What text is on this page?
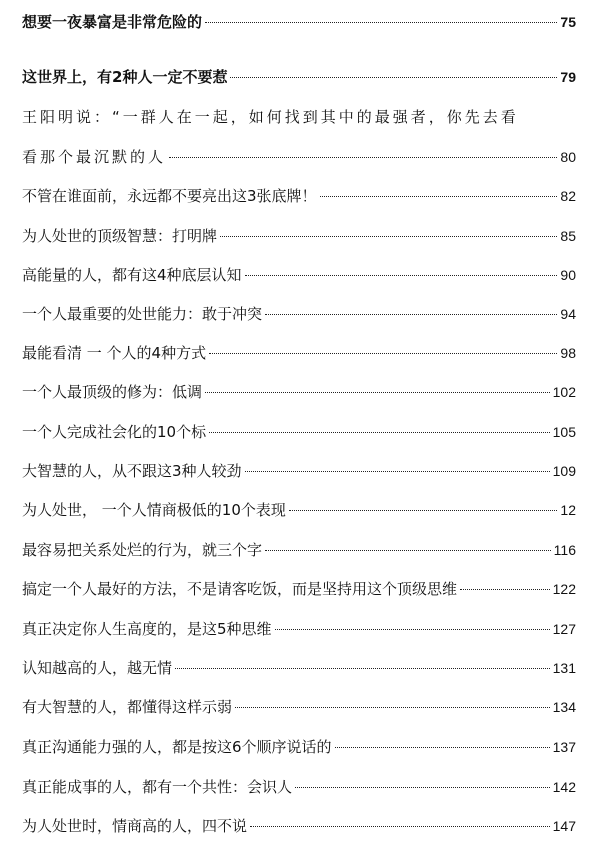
想要一夜暴富是非常危险的	75
这世界上，有2种人一定不要惹	79
王阳明说：“一群人在一起，如何找到其中的最强者，你先去看
看那个最沉默的人	80
不管在谁面前，永远都不要亮出这3张底牌！	82
为人处世的顶级智慧：打明牌	85
高能量的人，都有这4种底层认知	90
一个人最重要的处世能力：敢于冲突	94
最能看清 一 个人的4种方式	98
一个人最顶级的修为：低调	102
一个人完成社会化的10个标	105
大智慧的人，从不跟这3种人较劲	109
为人处世， 一个人情商极低的10个表现	12
最容易把关系处烂的行为，就三个字	116
搞定一个人最好的方法，不是请客吃饭，而是坚持用这个顶级思维	122
真正决定你人生高度的，是这5种思维	127
认知越高的人，越无情	131
有大智慧的人，都懂得这样示弱	134
真正沟通能力强的人，都是按这6个顺序说话的	137
真正能成事的人，都有一个共性：会识人	142
为人处世时，情商高的人，四不说	147
